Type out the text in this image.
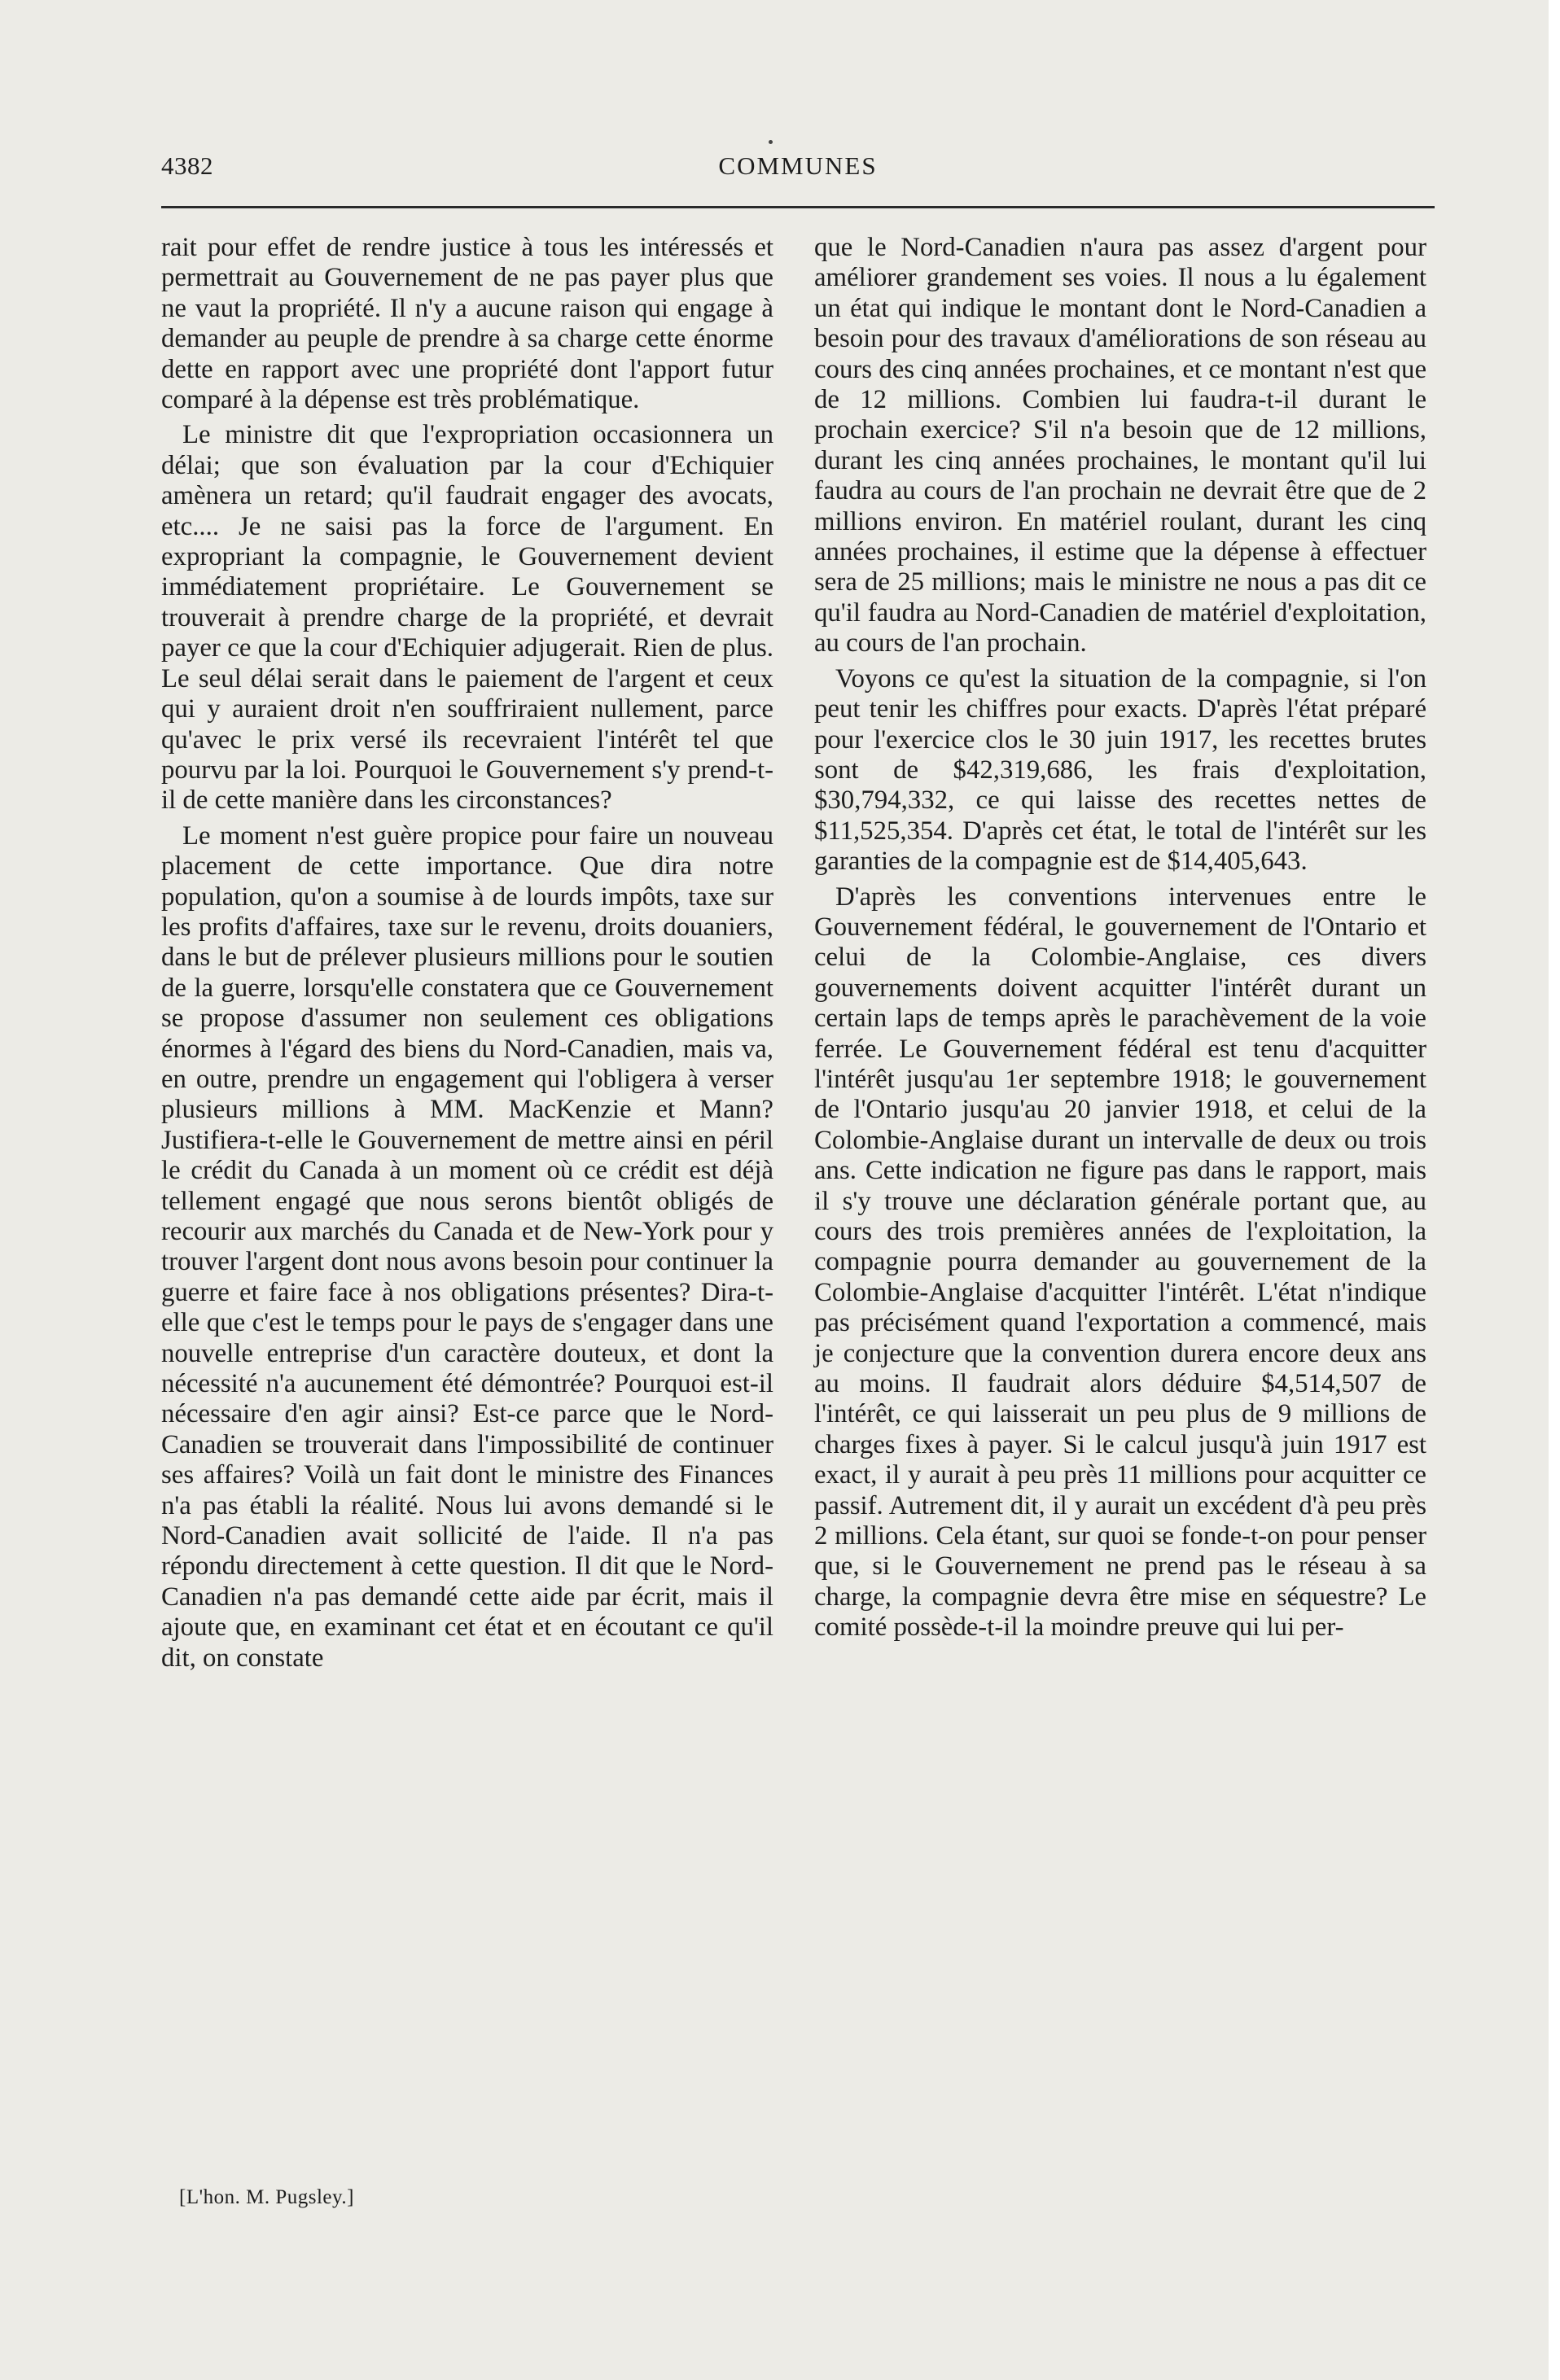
4382	COMMUNES

rait pour effet de rendre justice à tous les intéressés et permettrait au Gouvernement de ne pas payer plus que ne vaut la propriété. Il n'y a aucune raison qui engage à demander au peuple de prendre à sa charge cette énorme dette en rapport avec une propriété dont l'apport futur comparé à la dépense est très problématique.

Le ministre dit que l'expropriation occasionnera un délai; que son évaluation par la cour d'Echiquier amènera un retard; qu'il faudrait engager des avocats, etc.... Je ne saisi pas la force de l'argument. En expropriant la compagnie, le Gouvernement devient immédiatement propriétaire. Le Gouvernement se trouverait à prendre charge de la propriété, et devrait payer ce que la cour d'Echiquier adjugerait. Rien de plus. Le seul délai serait dans le paiement de l'argent et ceux qui y auraient droit n'en souffriraient nullement, parce qu'avec le prix versé ils recevraient l'intérêt tel que pourvu par la loi. Pourquoi le Gouvernement s'y prend-t-il de cette manière dans les circonstances?

Le moment n'est guère propice pour faire un nouveau placement de cette importance. Que dira notre population, qu'on a soumise à de lourds impôts, taxe sur les profits d'affaires, taxe sur le revenu, droits douaniers, dans le but de prélever plusieurs millions pour le soutien de la guerre, lorsqu'elle constatera que ce Gouvernement se propose d'assumer non seulement ces obligations énormes à l'égard des biens du Nord-Canadien, mais va, en outre, prendre un engagement qui l'obligera à verser plusieurs millions à MM. MacKenzie et Mann? Justifiera-t-elle le Gouvernement de mettre ainsi en péril le crédit du Canada à un moment où ce crédit est déjà tellement engagé que nous serons bientôt obligés de recourir aux marchés du Canada et de New-York pour y trouver l'argent dont nous avons besoin pour continuer la guerre et faire face à nos obligations présentes? Dira-t-elle que c'est le temps pour le pays de s'engager dans une nouvelle entreprise d'un caractère douteux, et dont la nécessité n'a aucunement été démontrée? Pourquoi est-il nécessaire d'en agir ainsi? Est-ce parce que le Nord-Canadien se trouverait dans l'impossibilité de continuer ses affaires? Voilà un fait dont le ministre des Finances n'a pas établi la réalité. Nous lui avons demandé si le Nord-Canadien avait sollicité de l'aide. Il n'a pas répondu directement à cette question. Il dit que le Nord-Canadien n'a pas demandé cette aide par écrit, mais il ajoute que, en examinant cet état et en écoutant ce qu'il dit, on constate

que le Nord-Canadien n'aura pas assez d'argent pour améliorer grandement ses voies. Il nous a lu également un état qui indique le montant dont le Nord-Canadien a besoin pour des travaux d'améliorations de son réseau au cours des cinq années prochaines, et ce montant n'est que de 12 millions. Combien lui faudra-t-il durant le prochain exercice? S'il n'a besoin que de 12 millions, durant les cinq années prochaines, le montant qu'il lui faudra au cours de l'an prochain ne devrait être que de 2 millions environ. En matériel roulant, durant les cinq années prochaines, il estime que la dépense à effectuer sera de 25 millions; mais le ministre ne nous a pas dit ce qu'il faudra au Nord-Canadien de matériel d'exploitation, au cours de l'an prochain.

Voyons ce qu'est la situation de la compagnie, si l'on peut tenir les chiffres pour exacts. D'après l'état préparé pour l'exercice clos le 30 juin 1917, les recettes brutes sont de $42,319,686, les frais d'exploitation, $30,794,332, ce qui laisse des recettes nettes de $11,525,354. D'après cet état, le total de l'intérêt sur les garanties de la compagnie est de $14,405,643.

D'après les conventions intervenues entre le Gouvernement fédéral, le gouvernement de l'Ontario et celui de la Colombie-Anglaise, ces divers gouvernements doivent acquitter l'intérêt durant un certain laps de temps après le parachèvement de la voie ferrée. Le Gouvernement fédéral est tenu d'acquitter l'intérêt jusqu'au 1er septembre 1918; le gouvernement de l'Ontario jusqu'au 20 janvier 1918, et celui de la Colombie-Anglaise durant un intervalle de deux ou trois ans. Cette indication ne figure pas dans le rapport, mais il s'y trouve une déclaration générale portant que, au cours des trois premières années de l'exploitation, la compagnie pourra demander au gouvernement de la Colombie-Anglaise d'acquitter l'intérêt. L'état n'indique pas précisément quand l'exportation a commencé, mais je conjecture que la convention durera encore deux ans au moins. Il faudrait alors déduire $4,514,507 de l'intérêt, ce qui laisserait un peu plus de 9 millions de charges fixes à payer. Si le calcul jusqu'à juin 1917 est exact, il y aurait à peu près 11 millions pour acquitter ce passif. Autrement dit, il y aurait un excédent d'à peu près 2 millions. Cela étant, sur quoi se fonde-t-on pour penser que, si le Gouvernement ne prend pas le réseau à sa charge, la compagnie devra être mise en séquestre? Le comité possède-t-il la moindre preuve qui lui per-

[L'hon. M. Pugsley.]
